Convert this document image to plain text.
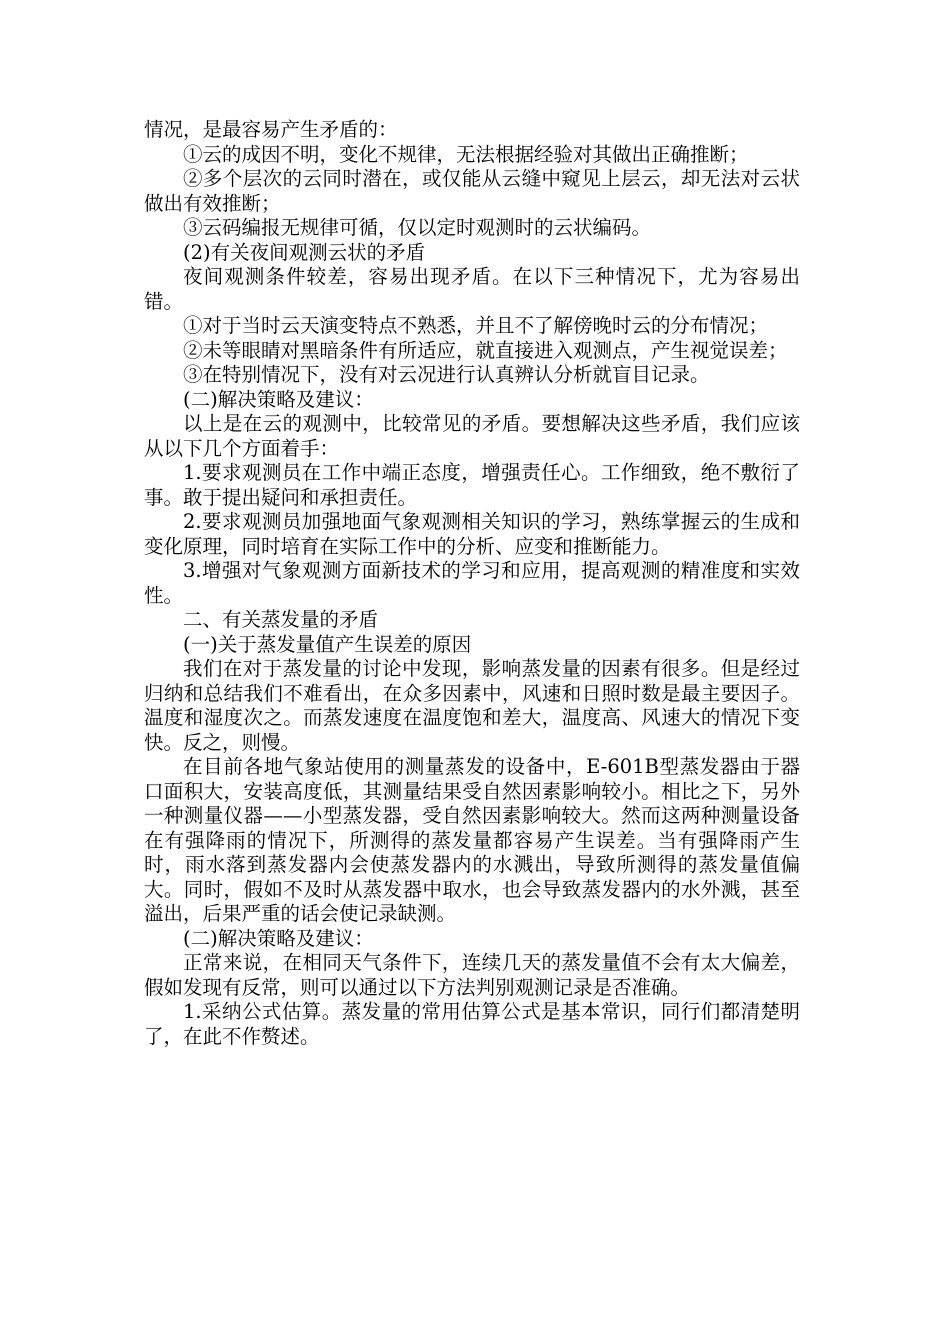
情况，是最容易产生矛盾的：

①云的成因不明，变化不规律，无法根据经验对其做出正确推断；

②多个层次的云同时潜在，或仅能从云缝中窥见上层云，却无法对云状做出有效推断；

③云码编报无规律可循，仅以定时观测时的云状编码。

(2)有关夜间观测云状的矛盾

夜间观测条件较差，容易出现矛盾。在以下三种情况下，尤为容易出错。

①对于当时云天演变特点不熟悉，并且不了解傍晚时云的分布情况；

②未等眼睛对黑暗条件有所适应，就直接进入观测点，产生视觉误差；

③在特别情况下，没有对云况进行认真辨认分析就盲目记录。

(二)解决策略及建议：

以上是在云的观测中，比较常见的矛盾。要想解决这些矛盾，我们应该从以下几个方面着手：

1.要求观测员在工作中端正态度，增强责任心。工作细致，绝不敷衍了事。敢于提出疑问和承担责任。

2.要求观测员加强地面气象观测相关知识的学习，熟练掌握云的生成和变化原理，同时培育在实际工作中的分析、应变和推断能力。

3.增强对气象观测方面新技术的学习和应用，提高观测的精准度和实效性。

二、有关蒸发量的矛盾

(一)关于蒸发量值产生误差的原因

我们在对于蒸发量的讨论中发现，影响蒸发量的因素有很多。但是经过归纳和总结我们不难看出，在众多因素中，风速和日照时数是最主要因子。温度和湿度次之。而蒸发速度在温度饱和差大，温度高、风速大的情况下变快。反之，则慢。

在目前各地气象站使用的测量蒸发的设备中，E-601B型蒸发器由于器口面积大，安装高度低，其测量结果受自然因素影响较小。相比之下，另外一种测量仪器——小型蒸发器，受自然因素影响较大。然而这两种测量设备在有强降雨的情况下，所测得的蒸发量都容易产生误差。当有强降雨产生时，雨水落到蒸发器内会使蒸发器内的水溅出，导致所测得的蒸发量值偏大。同时，假如不及时从蒸发器中取水，也会导致蒸发器内的水外溅，甚至溢出，后果严重的话会使记录缺测。

(二)解决策略及建议：

正常来说，在相同天气条件下，连续几天的蒸发量值不会有太大偏差，假如发现有反常，则可以通过以下方法判别观测记录是否准确。

1.采纳公式估算。蒸发量的常用估算公式是基本常识，同行们都清楚明了，在此不作赘述。
